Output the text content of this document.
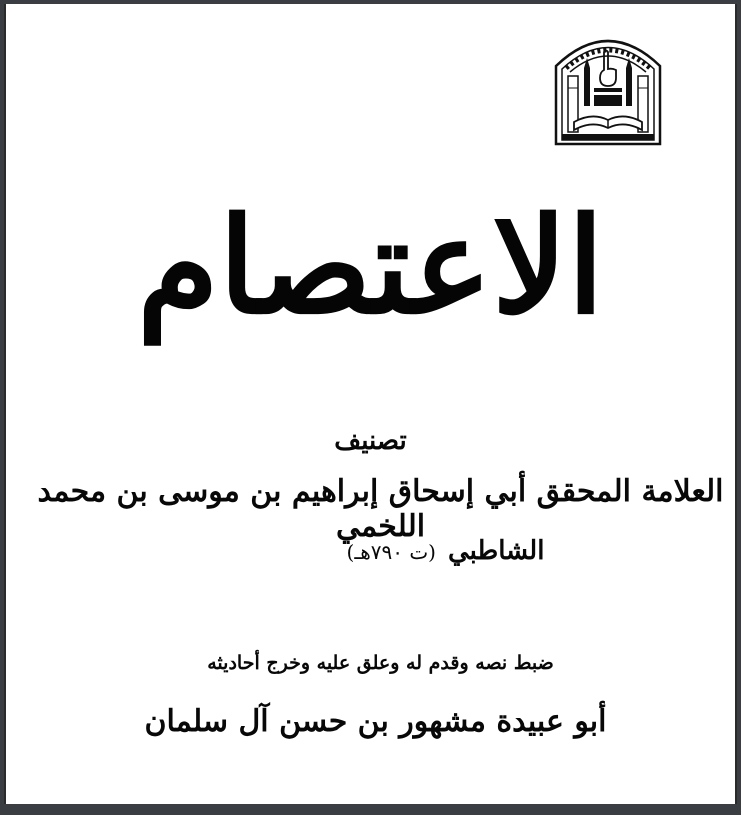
الاعتصام
تصنيف
العلامة المحقق أبي إسحاق إبراهيم بن موسى بن محمد اللخمي
الشاطبي(ت ٧٩٠هـ)
ضبط نصه وقدم له وعلق عليه وخرج أحاديثه
أبو عبيدة مشهور بن حسن آل سلمان
